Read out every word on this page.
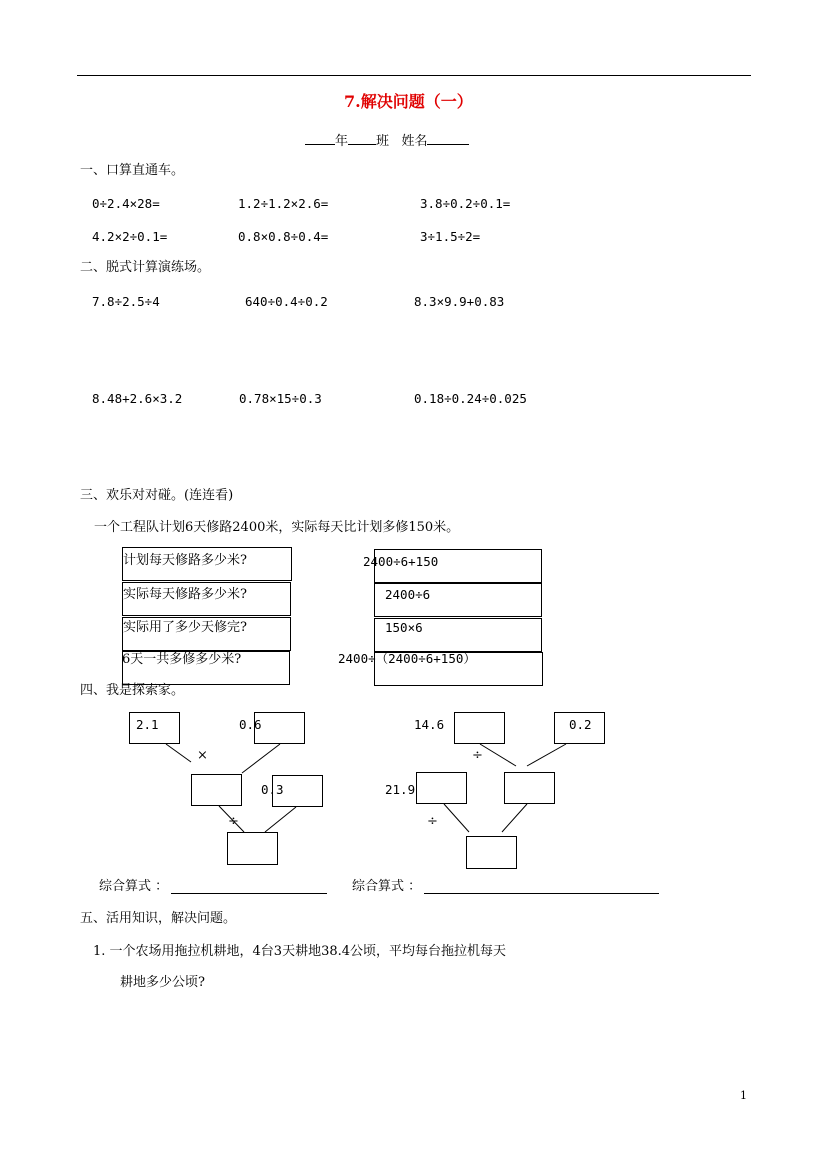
7.解决问题（一）
年 班 姓名
一、口算直通车。
0÷2.4×28=	1.2÷1.2×2.6=	3.8÷0.2÷0.1=
4.2×2÷0.1=	0.8×0.8÷0.4=	3÷1.5÷2=
二、脱式计算演练场。
7.8÷2.5÷4	640÷0.4÷0.2	8.3×9.9+0.83
8.48+2.6×3.2	0.78×15÷0.3	0.18÷0.24÷0.025
三、欢乐对对碰。(连连看)
一个工程队计划6天修路2400米，实际每天比计划多修150米。
计划每天修路多少米?
实际每天修路多少米?
实际用了多少天修完?
6天一共多修多少米?
2400÷6+150
2400÷6
150×6
2400÷（2400÷6+150）
四、我是探索家。
2.1	0.6
×
0.3
÷
14.6	0.2
÷
21.9
÷
综合算式 ：	综合算式 ：
五、活用知识，解决问题。
1. 一个农场用拖拉机耕地，4台3天耕地38.4公顷，平均每台拖拉机每天
耕地多少公顷?
1
